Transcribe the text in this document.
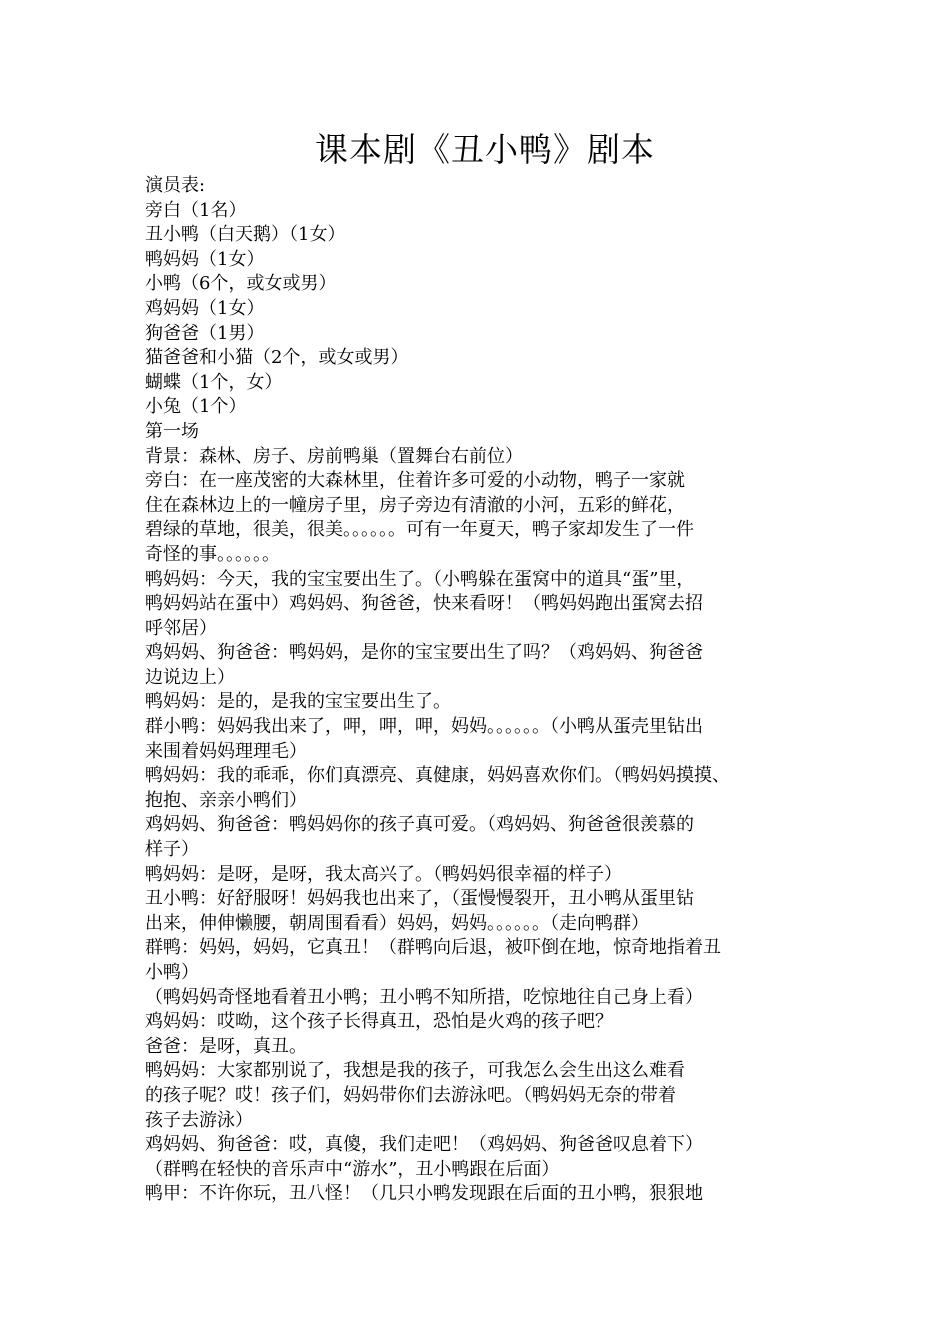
课本剧《丑小鸭》剧本
演员表:
旁白（1名）
丑小鸭（白天鹅）（1女）
鸭妈妈（1女）
小鸭（6个，或女或男）
鸡妈妈（1女）
狗爸爸（1男）
猫爸爸和小猫（2个，或女或男）
蝴蝶（1个，女）
小兔（1个）
第一场
背景：森林、房子、房前鸭巢（置舞台右前位）
旁白：在一座茂密的大森林里，住着许多可爱的小动物，鸭子一家就
住在森林边上的一幢房子里，房子旁边有清澈的小河，五彩的鲜花，
碧绿的草地，很美，很美。。。。。。可有一年夏天，鸭子家却发生了一件
奇怪的事。。。。。。
鸭妈妈：今天，我的宝宝要出生了。（小鸭躲在蛋窝中的道具“蛋”里，
鸭妈妈站在蛋中）鸡妈妈、狗爸爸，快来看呀！（鸭妈妈跑出蛋窝去招
呼邻居）
鸡妈妈、狗爸爸：鸭妈妈，是你的宝宝要出生了吗？（鸡妈妈、狗爸爸
边说边上）
鸭妈妈：是的，是我的宝宝要出生了。
群小鸭：妈妈我出来了，呷，呷，呷，妈妈。。。。。。（小鸭从蛋壳里钻出
来围着妈妈理理毛）
鸭妈妈：我的乖乖，你们真漂亮、真健康，妈妈喜欢你们。（鸭妈妈摸摸、
抱抱、亲亲小鸭们）
鸡妈妈、狗爸爸：鸭妈妈你的孩子真可爱。（鸡妈妈、狗爸爸很羡慕的
样子）
鸭妈妈：是呀，是呀，我太高兴了。（鸭妈妈很幸福的样子）
丑小鸭：好舒服呀！妈妈我也出来了，（蛋慢慢裂开，丑小鸭从蛋里钻
出来，伸伸懒腰，朝周围看看）妈妈，妈妈。。。。。。（走向鸭群）
群鸭：妈妈，妈妈，它真丑！（群鸭向后退，被吓倒在地，惊奇地指着丑
小鸭）
（鸭妈妈奇怪地看着丑小鸭；丑小鸭不知所措，吃惊地往自己身上看）
鸡妈妈：哎呦，这个孩子长得真丑，恐怕是火鸡的孩子吧？
爸爸：是呀，真丑。
鸭妈妈：大家都别说了，我想是我的孩子，可我怎么会生出这么难看
的孩子呢？哎！孩子们，妈妈带你们去游泳吧。（鸭妈妈无奈的带着
孩子去游泳）
鸡妈妈、狗爸爸：哎，真傻，我们走吧！（鸡妈妈、狗爸爸叹息着下）
（群鸭在轻快的音乐声中“游水”，丑小鸭跟在后面）
鸭甲：不许你玩，丑八怪！（几只小鸭发现跟在后面的丑小鸭，狠狠地
